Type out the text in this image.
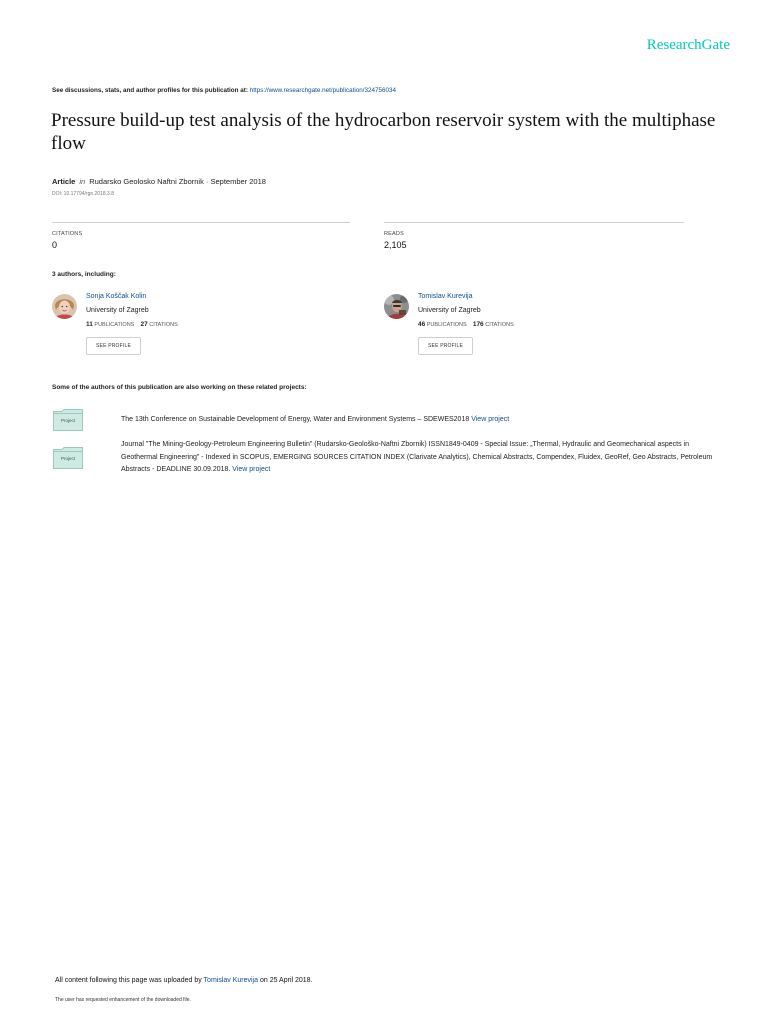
ResearchGate
See discussions, stats, and author profiles for this publication at: https://www.researchgate.net/publication/324756034
Pressure build-up test analysis of the hydrocarbon reservoir system with the multiphase flow
Article in Rudarsko Geolosko Naftni Zbornik · September 2018
DOI: 10.17794/rgn.2018.3.8
CITATIONS
0
READS
2,105
3 authors, including:
Sonja Koščak Kolin
University of Zagreb
11 PUBLICATIONS 27 CITATIONS
SEE PROFILE
Tomislav Kurevija
University of Zagreb
46 PUBLICATIONS 176 CITATIONS
SEE PROFILE
Some of the authors of this publication are also working on these related projects:
Project	The 13th Conference on Sustainable Development of Energy, Water and Environment Systems – SDEWES2018 View project
Project
Journal "The Mining-Geology-Petroleum Engineering Bulletin" (Rudarsko-Geološko-Naftni Zbornik) ISSN1849-0409 - Special Issue: „Thermal, Hydraulic and Geomechanical aspects in Geothermal Engineering" - Indexed in SCOPUS, EMERGING SOURCES CITATION INDEX (Clarivate Analytics), Chemical Abstracts, Compendex, Fluidex, GeoRef, Geo Abstracts, Petroleum Abstracts - DEADLINE 30.09.2018. View project
All content following this page was uploaded by Tomislav Kurevija on 25 April 2018.
The user has requested enhancement of the downloaded file.
